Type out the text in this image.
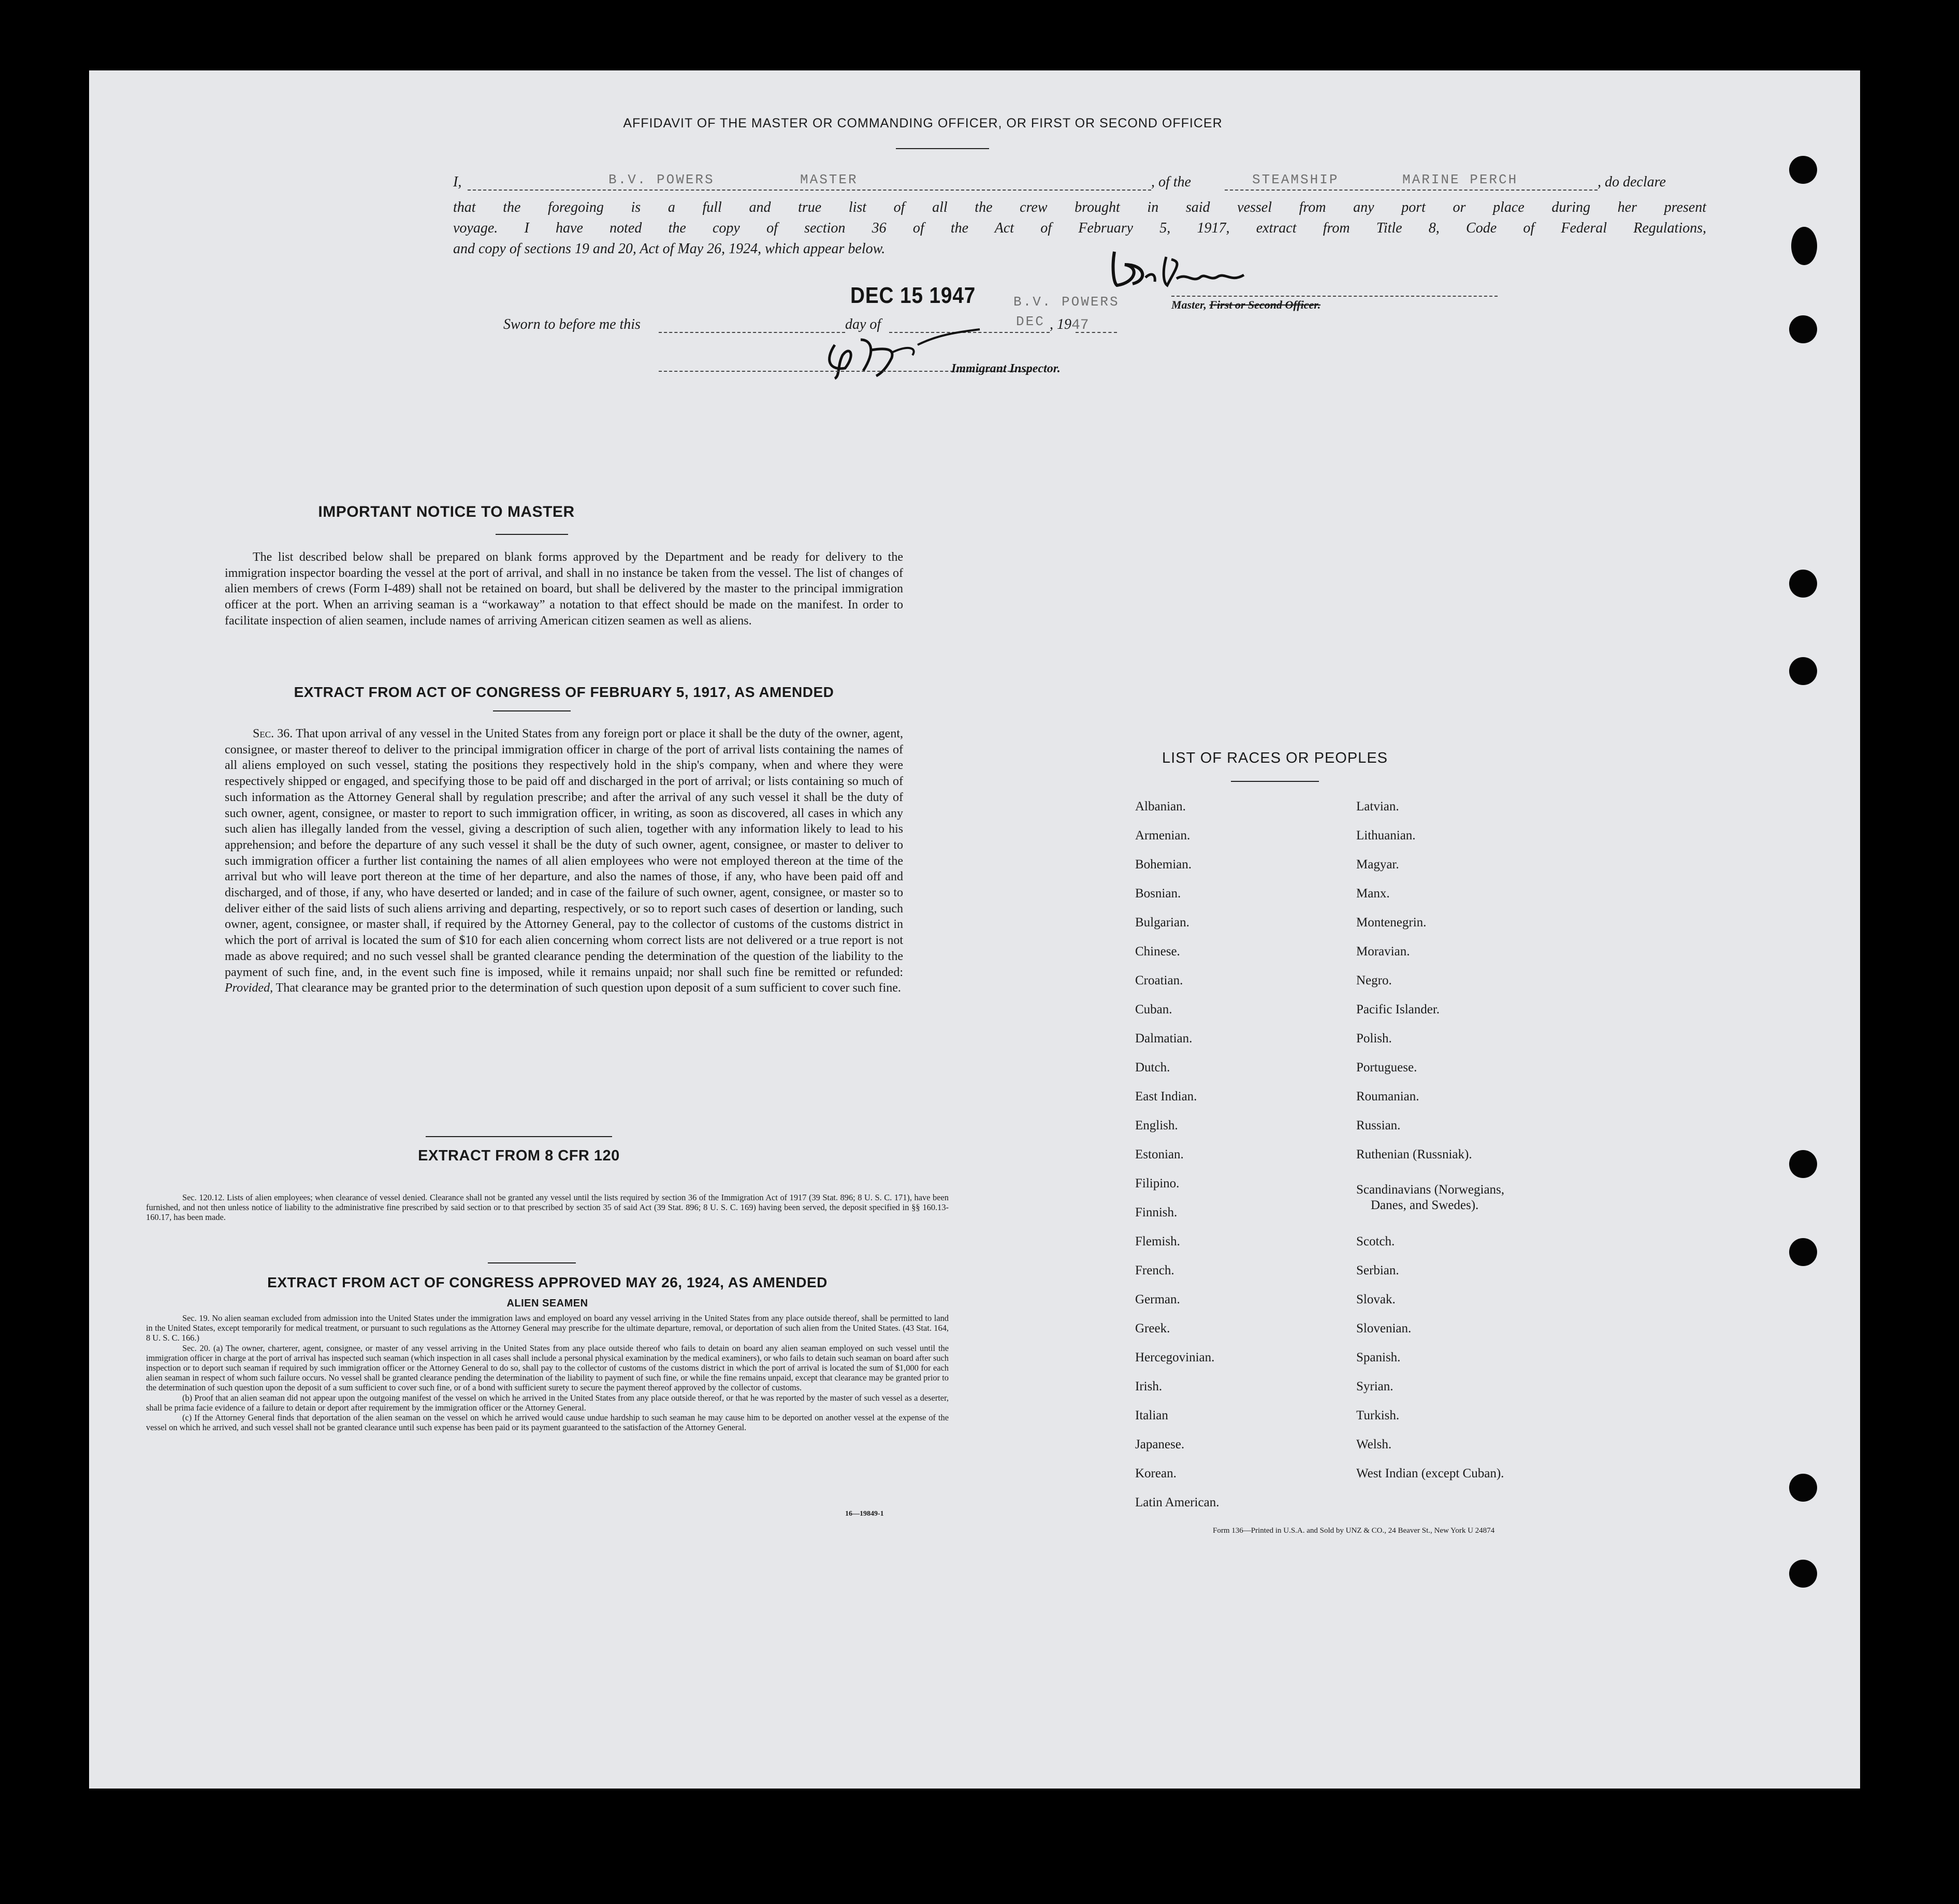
AFFIDAVIT OF THE MASTER OR COMMANDING OFFICER, OR FIRST OR SECOND OFFICER
I,	B.V. POWERS	MASTER	, of the	STEAMSHIP	MARINE PERCH	, do declare
that the foregoing is a full and true list of all the crew brought in said vessel from any port or place during her present
voyage. I have noted the copy of section 36 of the Act of February 5, 1917, extract from Title 8, Code of Federal Regulations,
and copy of sections 19 and 20, Act of May 26, 1924, which appear below.
Master, First or Second Officer.
DEC 15 1947	B.V. POWERS
Sworn to before me this	day of	DEC , 1947
Immigrant Inspector.
IMPORTANT NOTICE TO MASTER
The list described below shall be prepared on blank forms approved by the Department and be ready for delivery to the immigration inspector boarding the vessel at the port of arrival, and shall in no instance be taken from the vessel. The list of changes of alien members of crews (Form I-489) shall not be retained on board, but shall be delivered by the master to the principal immigration officer at the port. When an arriving seaman is a “workaway” a notation to that effect should be made on the manifest. In order to facilitate inspection of alien seamen, include names of arriving American citizen seamen as well as aliens.
EXTRACT FROM ACT OF CONGRESS OF FEBRUARY 5, 1917, AS AMENDED
Sec. 36. That upon arrival of any vessel in the United States from any foreign port or place it shall be the duty of the owner, agent, consignee, or master thereof to deliver to the principal immigration officer in charge of the port of arrival lists containing the names of all aliens employed on such vessel, stating the positions they respectively hold in the ship's company, when and where they were respectively shipped or engaged, and specifying those to be paid off and discharged in the port of arrival; or lists containing so much of such information as the Attorney General shall by regulation prescribe; and after the arrival of any such vessel it shall be the duty of such owner, agent, consignee, or master to report to such immigration officer, in writing, as soon as discovered, all cases in which any such alien has illegally landed from the vessel, giving a description of such alien, together with any information likely to lead to his apprehension; and before the departure of any such vessel it shall be the duty of such owner, agent, consignee, or master to deliver to such immigration officer a further list containing the names of all alien employees who were not employed thereon at the time of the arrival but who will leave port thereon at the time of her departure, and also the names of those, if any, who have been paid off and discharged, and of those, if any, who have deserted or landed; and in case of the failure of such owner, agent, consignee, or master so to deliver either of the said lists of such aliens arriving and departing, respectively, or so to report such cases of desertion or landing, such owner, agent, consignee, or master shall, if required by the Attorney General, pay to the collector of customs of the customs district in which the port of arrival is located the sum of $10 for each alien concerning whom correct lists are not delivered or a true report is not made as above required; and no such vessel shall be granted clearance pending the determination of the question of the liability to the payment of such fine, and, in the event such fine is imposed, while it remains unpaid; nor shall such fine be remitted or refunded: Provided, That clearance may be granted prior to the determination of such question upon deposit of a sum sufficient to cover such fine.
EXTRACT FROM 8 CFR 120
Sec. 120.12. Lists of alien employees; when clearance of vessel denied. Clearance shall not be granted any vessel until the lists required by section 36 of the Immigration Act of 1917 (39 Stat. 896; 8 U. S. C. 171), have been furnished, and not then unless notice of liability to the administrative fine prescribed by said section or to that prescribed by section 35 of said Act (39 Stat. 896; 8 U. S. C. 169) having been served, the deposit specified in §§ 160.13-160.17, has been made.
EXTRACT FROM ACT OF CONGRESS APPROVED MAY 26, 1924, AS AMENDED
ALIEN SEAMEN
Sec. 19. No alien seaman excluded from admission into the United States under the immigration laws and employed on board any vessel arriving in the United States from any place outside thereof, shall be permitted to land in the United States, except temporarily for medical treatment, or pursuant to such regulations as the Attorney General may prescribe for the ultimate departure, removal, or deportation of such alien from the United States. (43 Stat. 164, 8 U. S. C. 166.)
Sec. 20. (a) The owner, charterer, agent, consignee, or master of any vessel arriving in the United States from any place outside thereof who fails to detain on board any alien seaman employed on such vessel until the immigration officer in charge at the port of arrival has inspected such seaman (which inspection in all cases shall include a personal physical examination by the medical examiners), or who fails to detain such seaman on board after such inspection or to deport such seaman if required by such immigration officer or the Attorney General to do so, shall pay to the collector of customs of the customs district in which the port of arrival is located the sum of $1,000 for each alien seaman in respect of whom such failure occurs. No vessel shall be granted clearance pending the determination of the liability to payment of such fine, or while the fine remains unpaid, except that clearance may be granted prior to the determination of such question upon the deposit of a sum sufficient to cover such fine, or of a bond with sufficient surety to secure the payment thereof approved by the collector of customs.
(b) Proof that an alien seaman did not appear upon the outgoing manifest of the vessel on which he arrived in the United States from any place outside thereof, or that he was reported by the master of such vessel as a deserter, shall be prima facie evidence of a failure to detain or deport after requirement by the immigration officer or the Attorney General.
(c) If the Attorney General finds that deportation of the alien seaman on the vessel on which he arrived would cause undue hardship to such seaman he may cause him to be deported on another vessel at the expense of the vessel on which he arrived, and such vessel shall not be granted clearance until such expense has been paid or its payment guaranteed to the satisfaction of the Attorney General.
16—19849-1
LIST OF RACES OR PEOPLES
Albanian.
Armenian.
Bohemian.
Bosnian.
Bulgarian.
Chinese.
Croatian.
Cuban.
Dalmatian.
Dutch.
East Indian.
English.
Estonian.
Filipino.
Finnish.
Flemish.
French.
German.
Greek.
Hercegovinian.
Irish.
Italian
Japanese.
Korean.
Latin American.
Latvian.
Lithuanian.
Magyar.
Manx.
Montenegrin.
Moravian.
Negro.
Pacific Islander.
Polish.
Portuguese.
Roumanian.
Russian.
Ruthenian (Russniak).
Scandinavians (Norwegians,
Danes, and Swedes).
Scotch.
Serbian.
Slovak.
Slovenian.
Spanish.
Syrian.
Turkish.
Welsh.
West Indian (except Cuban).
Form 136—Printed in U.S.A. and Sold by UNZ & CO., 24 Beaver St., New York U 24874
